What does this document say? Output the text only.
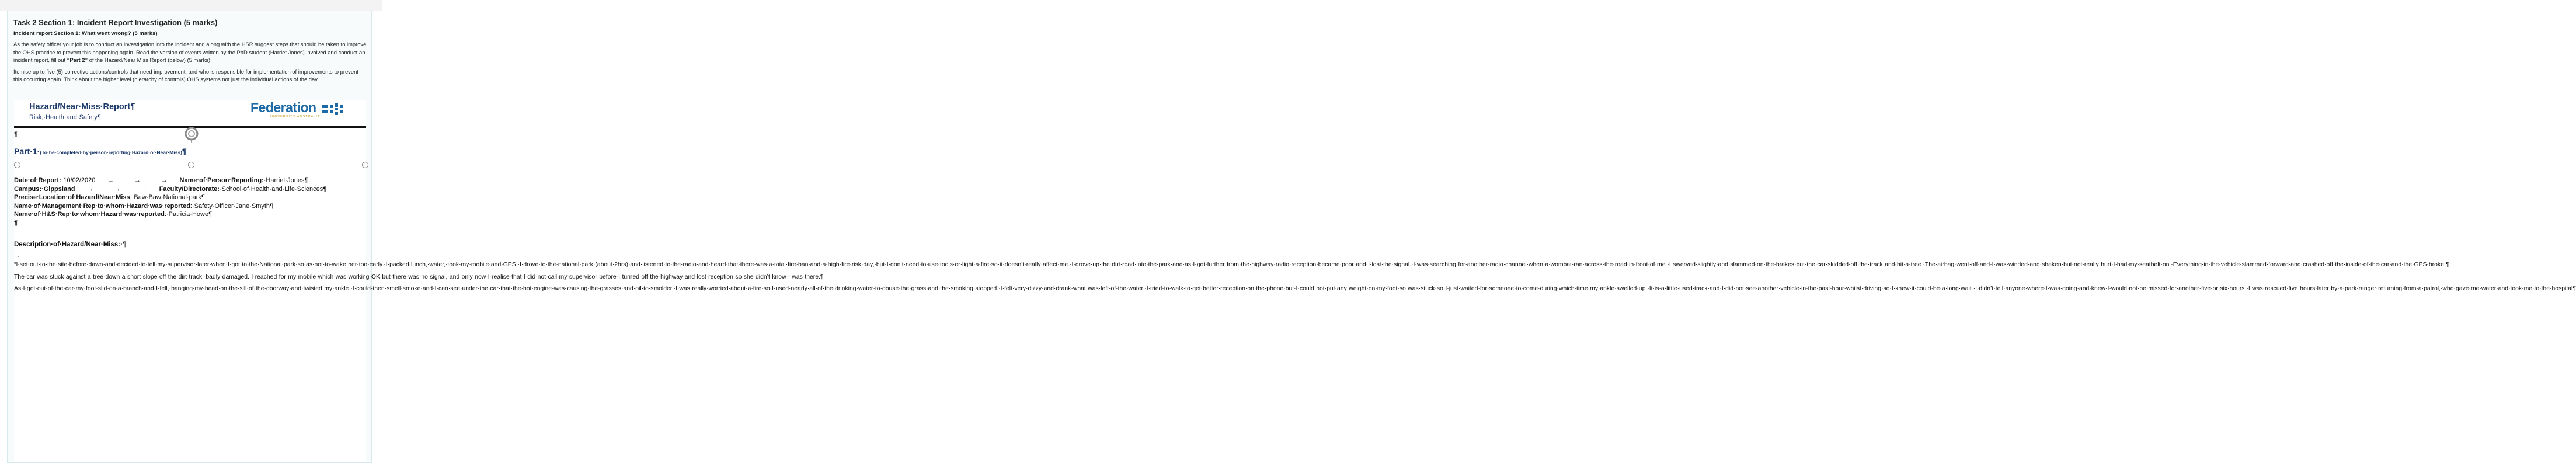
Task 2 Section 1: Incident Report Investigation (5 marks)
Incident report Section 1: What went wrong? (5 marks)

As the safety officer your job is to conduct an investigation into the incident and along with the HSR suggest steps that should be taken to improve the OHS practice to prevent this happening again. Read the version of events written by the PhD student (Harriet Jones) involved and conduct an incident report, fill out “Part 2” of the Hazard/Near Miss Report (below) (5 marks):

Itemise up to five (5) corrective actions/controls that need improvement, and who is responsible for implementation of improvements to prevent this occurring again. Think about the higher level (hierarchy of controls) OHS systems not just the individual actions of the day.

Hazard/Near·Miss·Report¶
Risk,·Health·and·Safety¶
Federation
UNIVERSITY·AUSTRALIA
¶
Part·1·(To·be·completed·by·person·reporting·Hazard·or·Near·Miss)¶
Date·of·Report:·10/02/2020 →	→	→ Name·of·Person·Reporting:·Harriet·Jones¶
Campus:·Gippsland →	→	→ Faculty/Directorate:·School·of·Health·and·Life·Sciences¶
Precise·Location·of·Hazard/Near·Miss:·Baw·Baw·National·park¶
Name·of·Management·Rep·to·whom·Hazard·was·reported:·Safety·Officer·Jane·Smyth¶
Name·of·H&S·Rep·to·whom·Hazard·was·reported:·Patricia·Howe¶
¶
Description·of·Hazard/Near·Miss:·¶

→“I·set·out·to·the·site·before·dawn·and·decided·to·tell·my·supervisor·later·when·I·got·to·the·National·park·so·as·not·to·wake·her·too·early.·I·packed·lunch,·water,·took·my·mobile·and·GPS.·I·drove·to·the·national·park·(about·2hrs)·and·listened·to·the·radio·and·heard·that·there·was·a·total·fire·ban·and·a·high·fire·risk·day,·but·I·don’t·need·to·use·tools·or·light·a·fire·so·it·doesn’t·really·affect·me.·I·drove·up·the·dirt·road·into·the·park·and·as·I·got·further·from·the·highway·radio·reception·became·poor·and·I·lost·the·signal.·I·was·searching·for·another·radio·channel·when·a·wombat·ran·across·the·road·in·front·of·me.·I·swerved·slightly·and·slammed·on·the·brakes·but·the·car·skidded·off·the·track·and·hit·a·tree.·The·airbag·went·off·and·I·was·winded·and·shaken·but·not·really·hurt·I·had·my·seatbelt·on.·Everything·in·the·vehicle·slammed·forward·and·crashed·off·the·inside·of·the·car·and·the·GPS·broke.¶

The·car·was·stuck·against·a·tree·down·a·short·slope·off·the·dirt·track,·badly·damaged.·I·reached·for·my·mobile·which·was·working·OK·but·there·was·no·signal,·and·only·now·I·realise·that·I·did·not·call·my·supervisor·before·I·turned·off·the·highway·and·lost·reception·so·she·didn’t·know·I·was·there.¶

As·I·got·out·of·the·car·my·foot·slid·on·a·branch·and·I·fell,·banging·my·head·on·the·sill·of·the·doorway·and·twisted·my·ankle.·I·could·then·smell·smoke·and·I·can·see·under·the·car·that·the·hot·engine·was·causing·the·grasses·and·oil·to·smolder.·I·was·really·worried·about·a·fire·so·I·used·nearly·all·of·the·drinking·water·to·douse·the·grass·and·the·smoking·stopped.·I·felt·very·dizzy·and·drank·what·was·left·of·the·water.·I·tried·to·walk·to·get·better·reception·on·the·phone·but·I·could·not·put·any·weight·on·my·foot·so·was·stuck·so·I·just·waited·for·someone·to·come·during·which·time·my·ankle·swelled·up.·It·is·a·little·used·track·and·I·did·not·see·another·vehicle·in·the·past·hour·whilst·driving·so·I·knew·it·could·be·a·long·wait.·I·didn’t·tell·anyone·where·I·was·going·and·knew·I·would·not·be·missed·for·another·five·or·six·hours.·I·was·rescued·five·hours·later·by·a·park·ranger·returning·from·a·patrol,·who·gave·me·water·and·took·me·to·the·hospital¶
